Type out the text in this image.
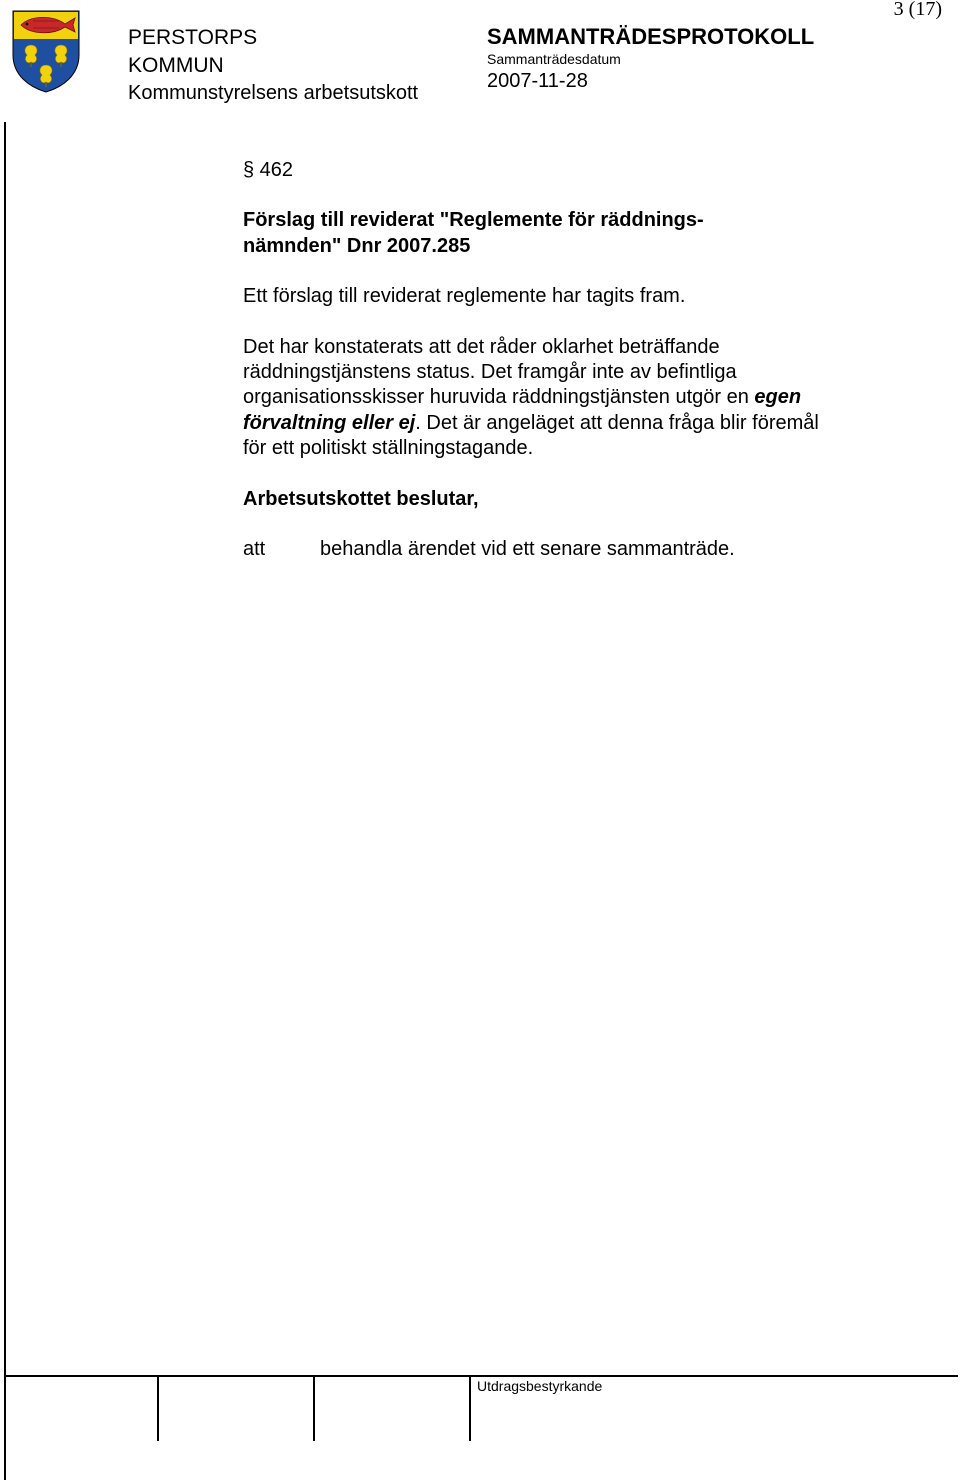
PERSTORPS
KOMMUN
Kommunstyrelsens arbetsutskott
SAMMANTRÄDESPROTOKOLL
Sammanträdesdatum
2007-11-28
3 (17)

§ 462

Förslag till reviderat "Reglemente för räddnings-
nämnden" Dnr 2007.285

Ett förslag till reviderat reglemente har tagits fram.

Det har konstaterats att det råder oklarhet beträffande räddningstjänstens status. Det framgår inte av befintliga organisationsskisser huruvida räddningstjänsten utgör en egen förvaltning eller ej. Det är angeläget att denna fråga blir föremål för ett politiskt ställningstagande.

Arbetsutskottet beslutar,

att	behandla ärendet vid ett senare sammanträde.
Utdragsbestyrkande
